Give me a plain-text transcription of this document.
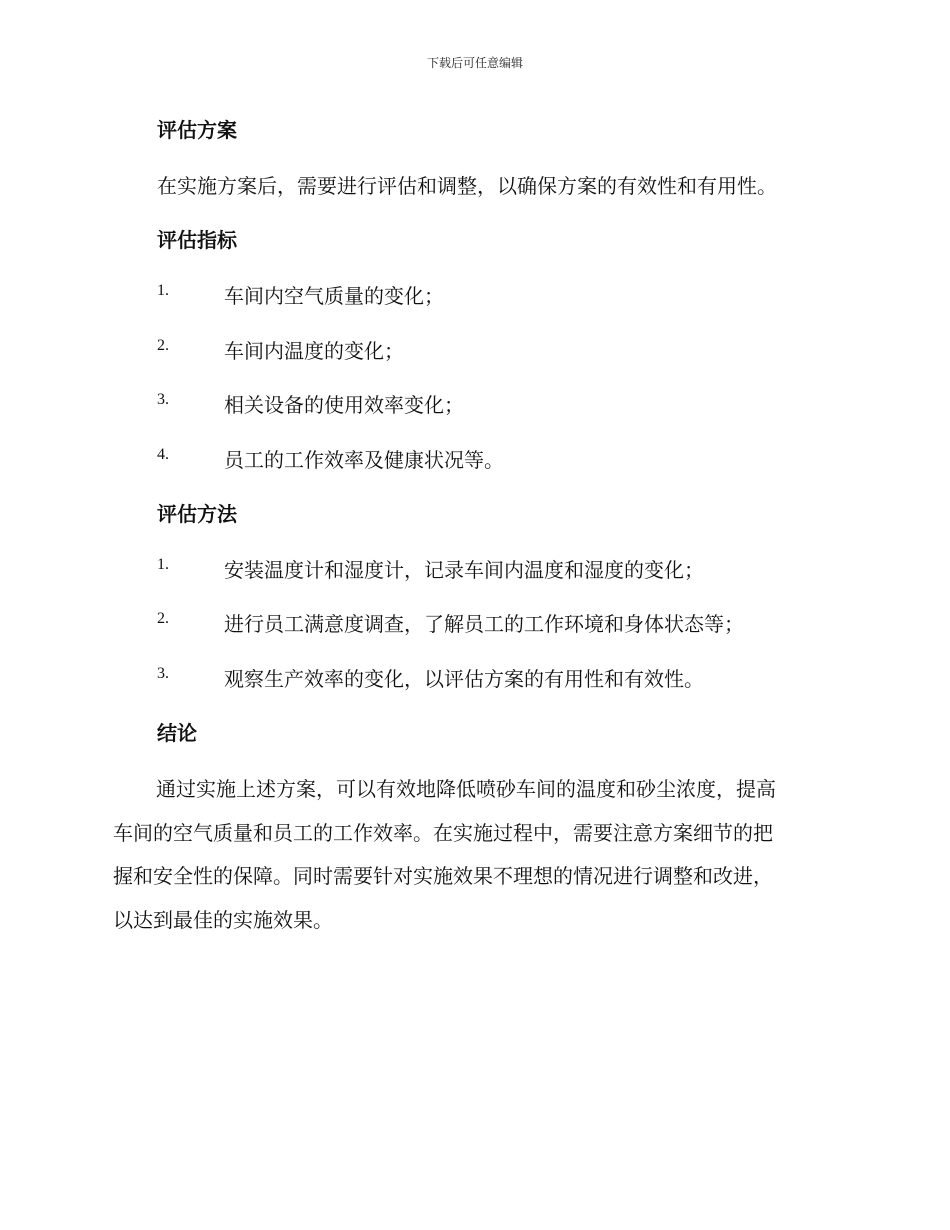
下载后可任意编辑
评估方案
在实施方案后，需要进行评估和调整，以确保方案的有效性和有用性。
评估指标
1.	车间内空气质量的变化；
2.	车间内温度的变化；
3.	相关设备的使用效率变化；
4.	员工的工作效率及健康状况等。
评估方法
1.	安装温度计和湿度计，记录车间内温度和湿度的变化；
2.	进行员工满意度调查，了解员工的工作环境和身体状态等；
3.	观察生产效率的变化，以评估方案的有用性和有效性。
结论
通过实施上述方案，可以有效地降低喷砂车间的温度和砂尘浓度，提高
车间的空气质量和员工的工作效率。在实施过程中，需要注意方案细节的把
握和安全性的保障。同时需要针对实施效果不理想的情况进行调整和改进，
以达到最佳的实施效果。
